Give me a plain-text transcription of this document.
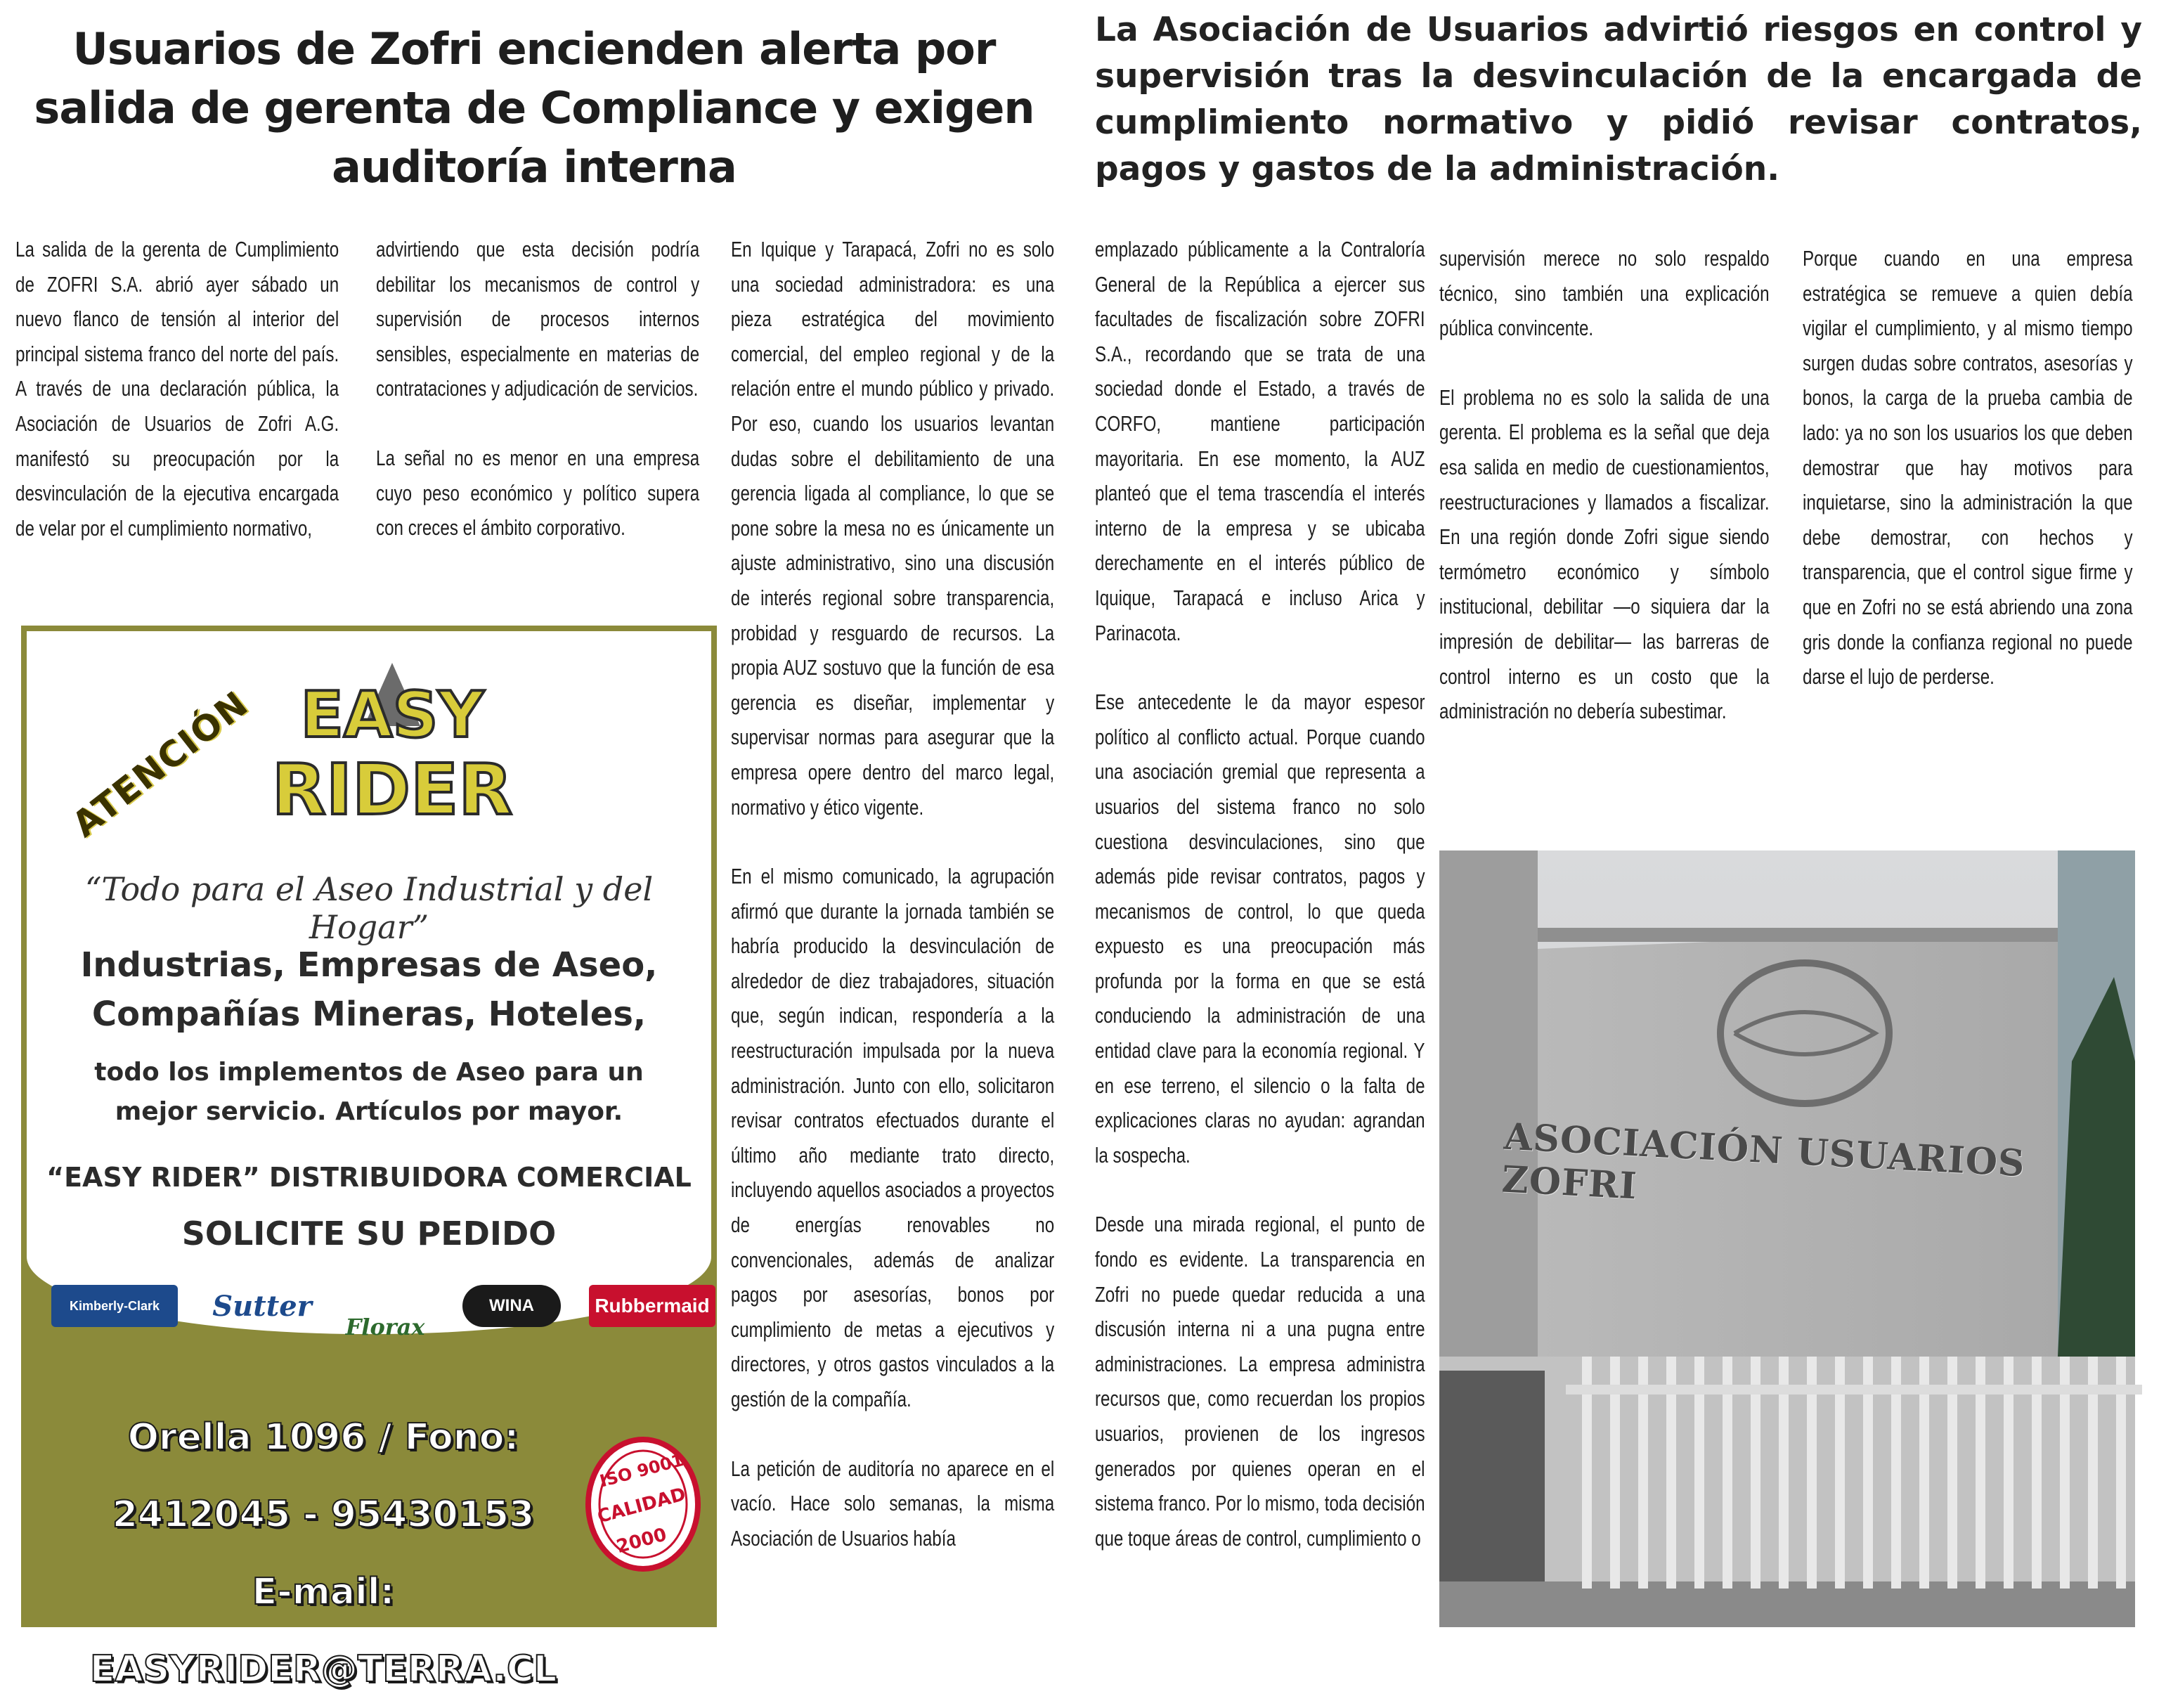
Usuarios de Zofri encienden alerta por salida de gerenta de Compliance y exigen auditoría interna
La Asociación de Usuarios advirtió riesgos en control y supervisión tras la desvinculación de la encargada de cumplimiento normativo y pidió revisar contratos, pagos y gastos de la administración.

La salida de la gerenta de Cumplimiento de ZOFRI S.A. abrió ayer sábado un nuevo flanco de tensión al interior del principal sistema franco del norte del país. A través de una declaración pública, la Asociación de Usuarios de Zofri A.G. manifestó su preocupación por la desvinculación de la ejecutiva encargada de velar por el cumplimiento normativo,

advirtiendo que esta decisión podría debilitar los mecanismos de control y supervisión de procesos internos sensibles, especialmente en materias de contrataciones y adjudicación de servicios.

La señal no es menor en una empresa cuyo peso económico y político supera con creces el ámbito corporativo.

En Iquique y Tarapacá, Zofri no es solo una sociedad administradora: es una pieza estratégica del movimiento comercial, del empleo regional y de la relación entre el mundo público y privado. Por eso, cuando los usuarios levantan dudas sobre el debilitamiento de una gerencia ligada al compliance, lo que se pone sobre la mesa no es únicamente un ajuste administrativo, sino una discusión de interés regional sobre transparencia, probidad y resguardo de recursos. La propia AUZ sostuvo que la función de esa gerencia es diseñar, implementar y supervisar normas para asegurar que la empresa opere dentro del marco legal, normativo y ético vigente.

En el mismo comunicado, la agrupación afirmó que durante la jornada también se habría producido la desvinculación de alrededor de diez trabajadores, situación que, según indican, respondería a la reestructuración impulsada por la nueva administración. Junto con ello, solicitaron revisar contratos efectuados durante el último año mediante trato directo, incluyendo aquellos asociados a proyectos de energías renovables no convencionales, además de analizar pagos por asesorías, bonos por cumplimiento de metas a ejecutivos y directores, y otros gastos vinculados a la gestión de la compañía.

La petición de auditoría no aparece en el vacío. Hace solo semanas, la misma Asociación de Usuarios había

emplazado públicamente a la Contraloría General de la República a ejercer sus facultades de fiscalización sobre ZOFRI S.A., recordando que se trata de una sociedad donde el Estado, a través de CORFO, mantiene participación mayoritaria. En ese momento, la AUZ planteó que el tema trascendía el interés interno de la empresa y se ubicaba derechamente en el interés público de Iquique, Tarapacá e incluso Arica y Parinacota.

Ese antecedente le da mayor espesor político al conflicto actual. Porque cuando una asociación gremial que representa a usuarios del sistema franco no solo cuestiona desvinculaciones, sino que además pide revisar contratos, pagos y mecanismos de control, lo que queda expuesto es una preocupación más profunda por la forma en que se está conduciendo la administración de una entidad clave para la economía regional. Y en ese terreno, el silencio o la falta de explicaciones claras no ayudan: agrandan la sospecha.

Desde una mirada regional, el punto de fondo es evidente. La transparencia en Zofri no puede quedar reducida a una discusión interna ni a una pugna entre administraciones. La empresa administra recursos que, como recuerdan los propios usuarios, provienen de los ingresos generados por quienes operan en el sistema franco. Por lo mismo, toda decisión que toque áreas de control, cumplimiento o

supervisión merece no solo respaldo técnico, sino también una explicación pública convincente.

El problema no es solo la salida de una gerenta. El problema es la señal que deja esa salida en medio de cuestionamientos, reestructuraciones y llamados a fiscalizar. En una región donde Zofri sigue siendo termómetro económico y símbolo institucional, debilitar —o siquiera dar la impresión de debilitar— las barreras de control interno es un costo que la administración no debería subestimar.

Porque cuando en una empresa estratégica se remueve a quien debía vigilar el cumplimiento, y al mismo tiempo surgen dudas sobre contratos, asesorías y bonos, la carga de la prueba cambia de lado: ya no son los usuarios los que deben demostrar que hay motivos para inquietarse, sino la administración la que debe demostrar, con hechos y transparencia, que el control sigue firme y que en Zofri no se está abriendo una zona gris donde la confianza regional no puede darse el lujo de perderse.

ATENCIÓN EASY
RIDER
“Todo para el Aseo Industrial y del Hogar”
Industrias, Empresas de Aseo,
Compañías Mineras, Hoteles,
todo los implementos de Aseo para un
mejor servicio. Artículos por mayor.
“EASY RIDER” DISTRIBUIDORA COMERCIAL
SOLICITE SU PEDIDO
Kimberly-Clark	Sutter
Florax
WINA	Rubbermaid
Orella 1096 / Fono: 2412045 - 95430153
E-mail: EASYRIDER@TERRA.CL
ISO 9001
CALIDAD
2000
ASOCIACIÓN USUARIOS ZOFRI
